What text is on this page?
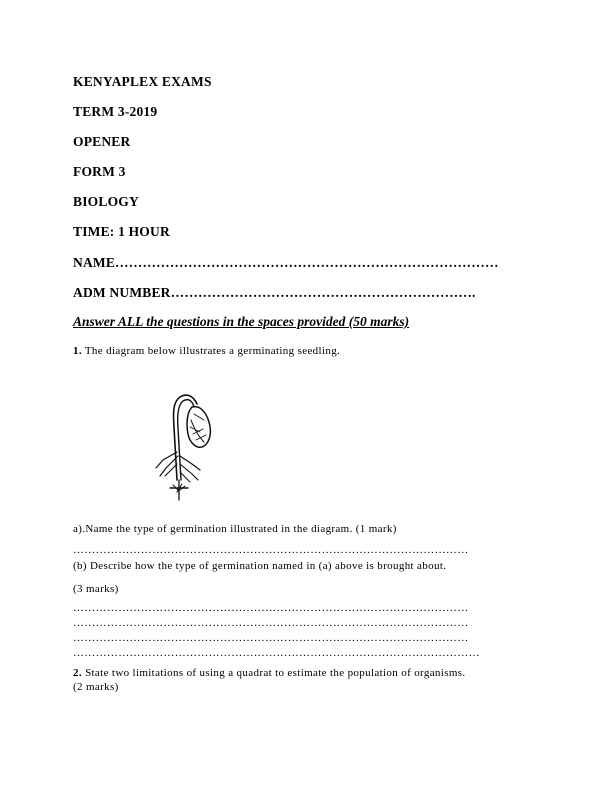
KENYAPLEX EXAMS
TERM 3-2019
OPENER
FORM 3
BIOLOGY
TIME: 1 HOUR
NAME…………………………………………………………………………
ADM NUMBER………………………………………………………….
Answer ALL the questions in the spaces provided (50 marks)
1. The diagram below illustrates a germinating seedling.
a).Name the type of germination illustrated in the diagram. (1 mark)
……………………………………………………………………………………………
(b) Describe how the type of germination named in (a) above is brought about.
(3 marks)
……………………………………………………………………………………………
……………………………………………………………………………………………
……………………………………………………………………………………………
………………………………………………………………………………………………
2. State two limitations of using a quadrat to estimate the population of organisms.
(2 marks)
